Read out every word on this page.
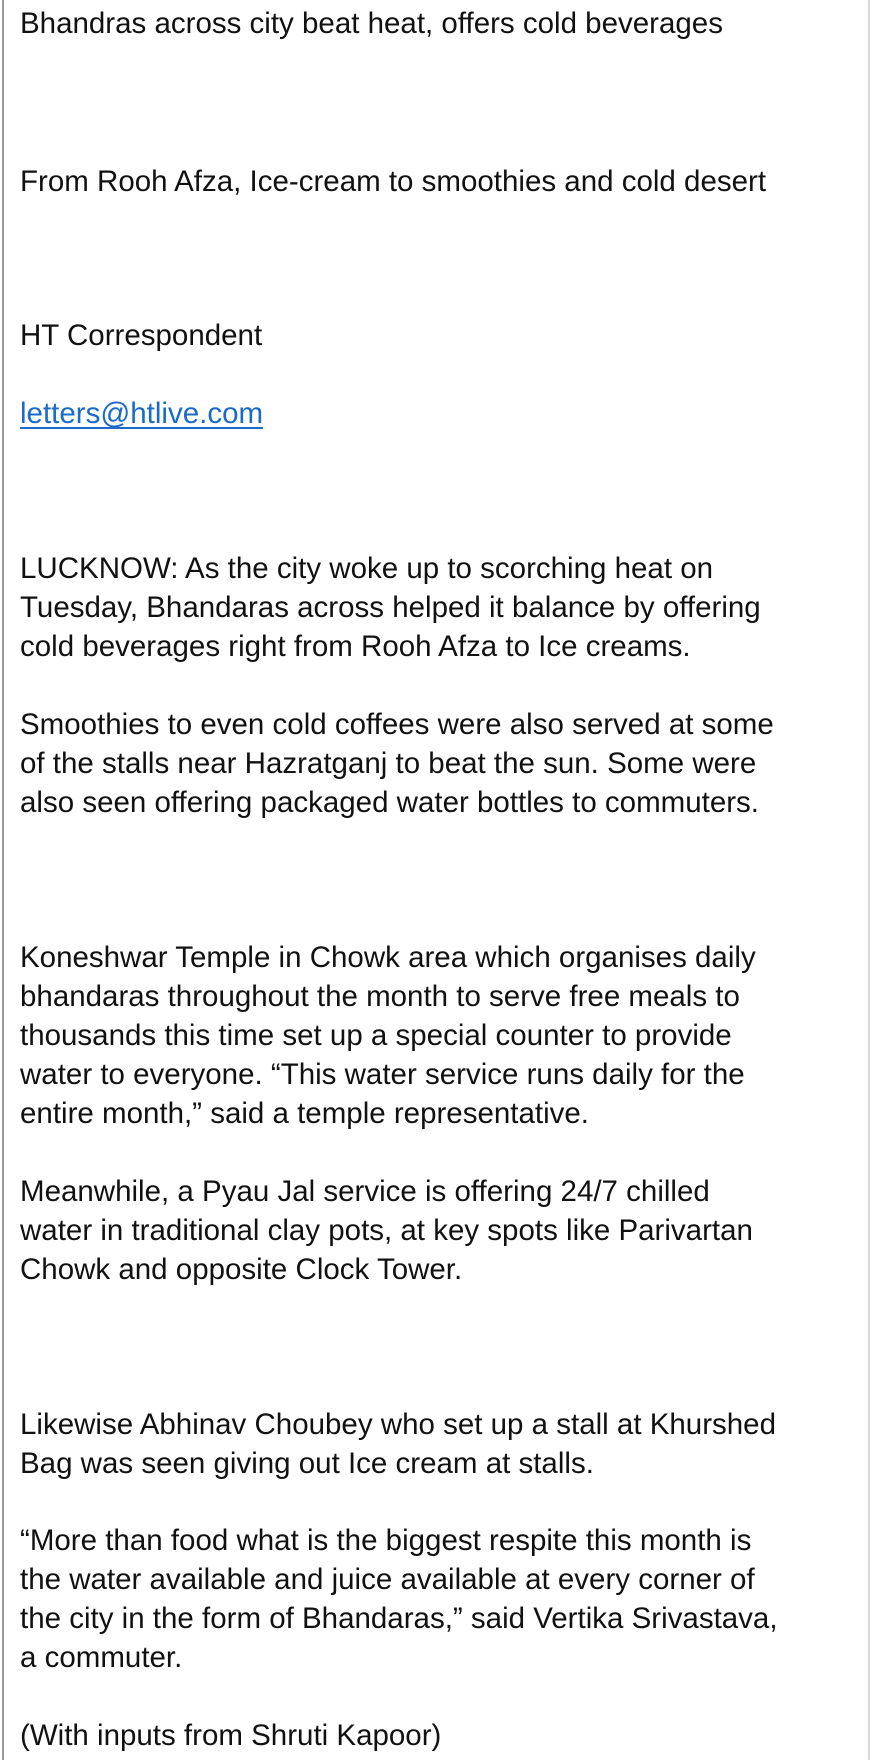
Bhandras across city beat heat, offers cold beverages

From Rooh Afza, Ice-cream to smoothies and cold desert

HT Correspondent

letters@htlive.com
LUCKNOW: As the city woke up to scorching heat on
Tuesday, Bhandaras across helped it balance by offering
cold beverages right from Rooh Afza to Ice creams.
Smoothies to even cold coffees were also served at some
of the stalls near Hazratganj to beat the sun. Some were
also seen offering packaged water bottles to commuters.
Koneshwar Temple in Chowk area which organises daily
bhandaras throughout the month to serve free meals to
thousands this time set up a special counter to provide
water to everyone. “This water service runs daily for the
entire month,” said a temple representative.
Meanwhile, a Pyau Jal service is offering 24/7 chilled
water in traditional clay pots, at key spots like Parivartan
Chowk and opposite Clock Tower.
Likewise Abhinav Choubey who set up a stall at Khurshed
Bag was seen giving out Ice cream at stalls.
“More than food what is the biggest respite this month is
the water available and juice available at every corner of
the city in the form of Bhandaras,” said Vertika Srivastava,
a commuter.
(With inputs from Shruti Kapoor)
